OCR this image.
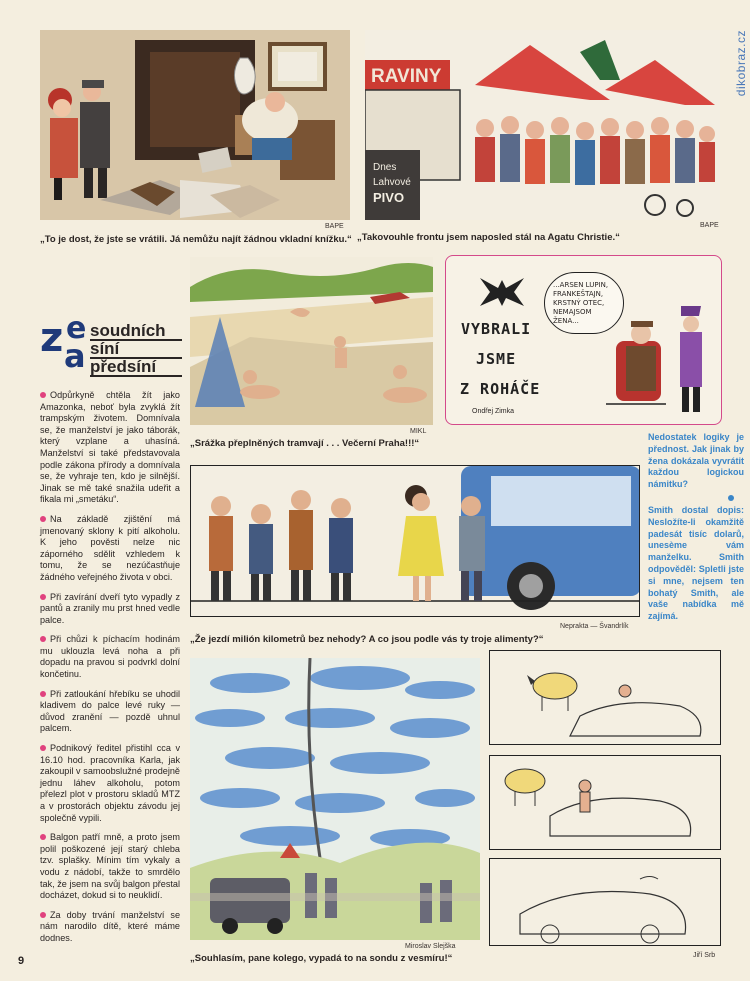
dikobraz.cz
BAPE
„To je dost, že jste se vrátili. Já nemůžu najít žádnou vkladní knížku.“
RAVINY
Dnes
Lahvové
PIVO
BAPE
„Takovouhle frontu jsem naposled stál na Agatu Christie.“
z e
a
soudních
síní
předsíní

Odpůrkyně chtěla žít jako Amazonka, neboť byla zvyklá žít trampským životem. Domnívala se, že manželství je jako táborák, který vzplane a uhasíná. Manželství si také představovala podle zákona přírody a domnívala se, že vyhraje ten, kdo je silnější. Jinak se mě také snažila udeřit a fikala mi „smetáku“.

Na základě zjištění má jmenovaný sklony k pití alkoholu. K jeho pověsti nelze nic záporného sdělit vzhledem k tomu, že se nezúčastňuje žádného veřejného života v obci.

Při zavírání dveří tyto vypadly z pantů a zranily mu prst hned vedle palce.

Při chůzi k píchacím hodinám mu uklouzla levá noha a při dopadu na pravou si podvrkl dolní končetinu.

Při zatloukání hřebíku se uhodil kladivem do palce levé ruky — důvod zranění — pozdě uhnul palcem.

Podnikový ředitel přistihl cca v 16.10 hod. pracovníka Karla, jak zakoupil v samoobslužné prodejně jednu láhev alkoholu, potom přelezl plot v prostoru skladů MTZ a v prostorách objektu závodu jej společně vypili.

Balgon patří mně, a proto jsem polil poškozené její starý chleba tzv. splašky. Mínim tím vykaly a vodu z nádobí, takže to smrdělo tak, že jsem na svůj balgon přestal docházet, dokud si to neuklidí.

Za doby trvání manželství se nám narodilo dítě, které máme dodnes.

MIKL
„Srážka přeplněných tramvají . . . Večerní Praha!!!“
VYBRALI
JSME
Z ROHÁČE
Ondřej Zimka
...ARSEN LUPIN,
FRANKEŠTAJN,
KRSTNÝ OTEC,
NEMAJSOM ŽENA...
Neprakta — Švandrlík
„Že jezdí milión kilometrů bez nehody? A co jsou podle vás ty troje alimenty?“

Nedostatek logiky je přednost. Jak jinak by žena dokázala vyvrátit každou logickou námitku?

Smith dostal dopis: Nesložíte-li okamžitě padesát tisíc dolarů, unesème vám manželku. Smith odpověděl: Spletli jste si mne, nejsem ten bohatý Smith, ale vaše nabídka mě zajímá.

Miroslav Slejška
„Souhlasím, pane kolego, vypadá to na sondu z vesmíru!“	Jiří Srb
9
